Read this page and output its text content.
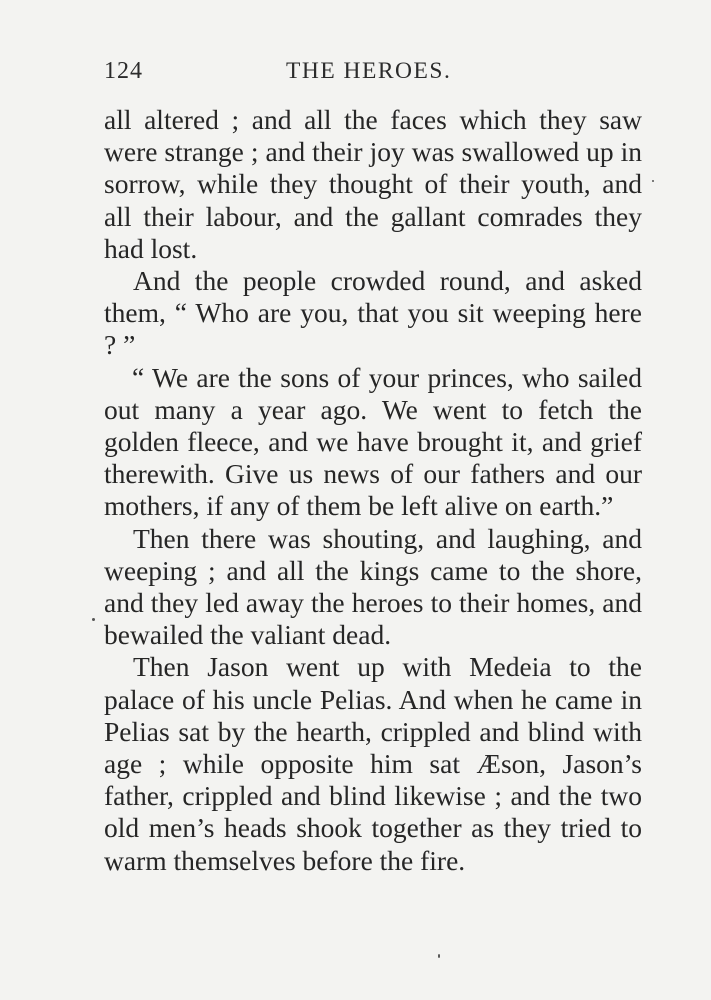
124	THE HEROES.

all altered ; and all the faces which they saw were strange ; and their joy was swallowed up in sorrow, while they thought of their youth, and all their labour, and the gallant comrades they had lost.

And the people crowded round, and asked them, “ Who are you, that you sit weeping here ? ”

“ We are the sons of your princes, who sailed out many a year ago. We went to fetch the golden fleece, and we have brought it, and grief therewith. Give us news of our fathers and our mothers, if any of them be left alive on earth.”

Then there was shouting, and laughing, and weeping ; and all the kings came to the shore, and they led away the heroes to their homes, and bewailed the valiant dead.

Then Jason went up with Medeia to the palace of his uncle Pelias. And when he came in Pelias sat by the hearth, crippled and blind with age ; while opposite him sat Æson, Jason’s father, crippled and blind likewise ; and the two old men’s heads shook together as they tried to warm themselves before the fire.
